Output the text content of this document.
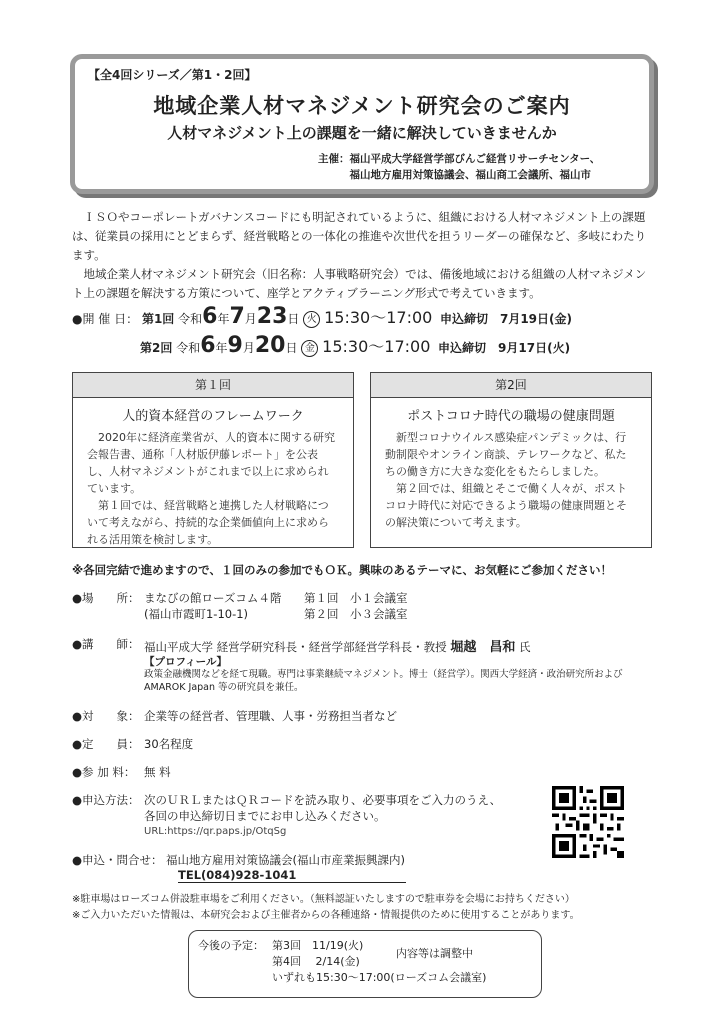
【全4回シリーズ／第1・2回】
地域企業人材マネジメント研究会のご案内
人材マネジメント上の課題を一緒に解決していきませんか
主催：福山平成大学経営学部びんご経営リサーチセンター、
福山地方雇用対策協議会、福山商工会議所、福山市
ＩＳＯやコーポレートガバナンスコードにも明記されているように、組織における人材マネジメント上の課題は、従業員の採用にとどまらず、経営戦略との一体化の推進や次世代を担うリーダーの確保など、多岐にわたります。
地域企業人材マネジメント研究会（旧名称：人事戦略研究会）では、備後地域における組織の人材マネジメント上の課題を解決する方策について、座学とアクティブラーニング形式で考えていきます。
●開 催 日： 第1回 令和6年7月23日 火 15:30～17:00 申込締切　7月19日(金)
第2回 令和6年9月20日 金 15:30～17:00 申込締切　9月17日(火)
第１回
人的資本経営のフレームワーク
2020年に経済産業省が、人的資本に関する研究会報告書、通称「人材版伊藤レポート」を公表し、人材マネジメントがこれまで以上に求められています。
第１回では、経営戦略と連携した人材戦略について考えながら、持続的な企業価値向上に求められる活用策を検討します。
第2回
ポストコロナ時代の職場の健康問題
新型コロナウイルス感染症パンデミックは、行動制限やオンライン商談、テレワークなど、私たちの働き方に大きな変化をもたらしました。
第２回では、組織とそこで働く人々が、ポストコロナ時代に対応できるよう職場の健康問題とその解決策について考えます。
※各回完結で進めますので、１回のみの参加でもＯＫ。興味のあるテーマに、お気軽にご参加ください！
●場　　所： まなびの館ローズコム４階
(福山市霞町1-10-1)
第１回　小１会議室
第２回　小３会議室
●講　　師： 福山平成大学 経営学研究科長・経営学部経営学科長・教授 堀越　昌和 氏
【プロフィール】
政策金融機関などを経て現職。専門は事業継続マネジメント。博士（経営学）。関西大学経済・政治研究所および
AMAROK Japan 等の研究員を兼任。
●対　　象： 企業等の経営者、管理職、人事・労務担当者など
●定　　員： 30名程度
●参 加 料： 無 料
●申込方法： 次のＵＲＬまたはＱＲコードを読み取り、必要事項をご入力のうえ、
各回の申込締切日までにお申し込みください。
URL:https://qr.paps.jp/OtqSg
●申込・問合せ： 福山地方雇用対策協議会(福山市産業振興課内)
TEL(084)928-1041
※駐車場はローズコム併設駐車場をご利用ください。（無料認証いたしますので駐車券を会場にお持ちください）
※ご入力いただいた情報は、本研究会および主催者からの各種連絡・情報提供のために使用することがあります。
今後の予定： 第3回　11/19(火)
第4回　 2/14(金)
内容等は調整中
いずれも15:30～17:00(ローズコム会議室)
